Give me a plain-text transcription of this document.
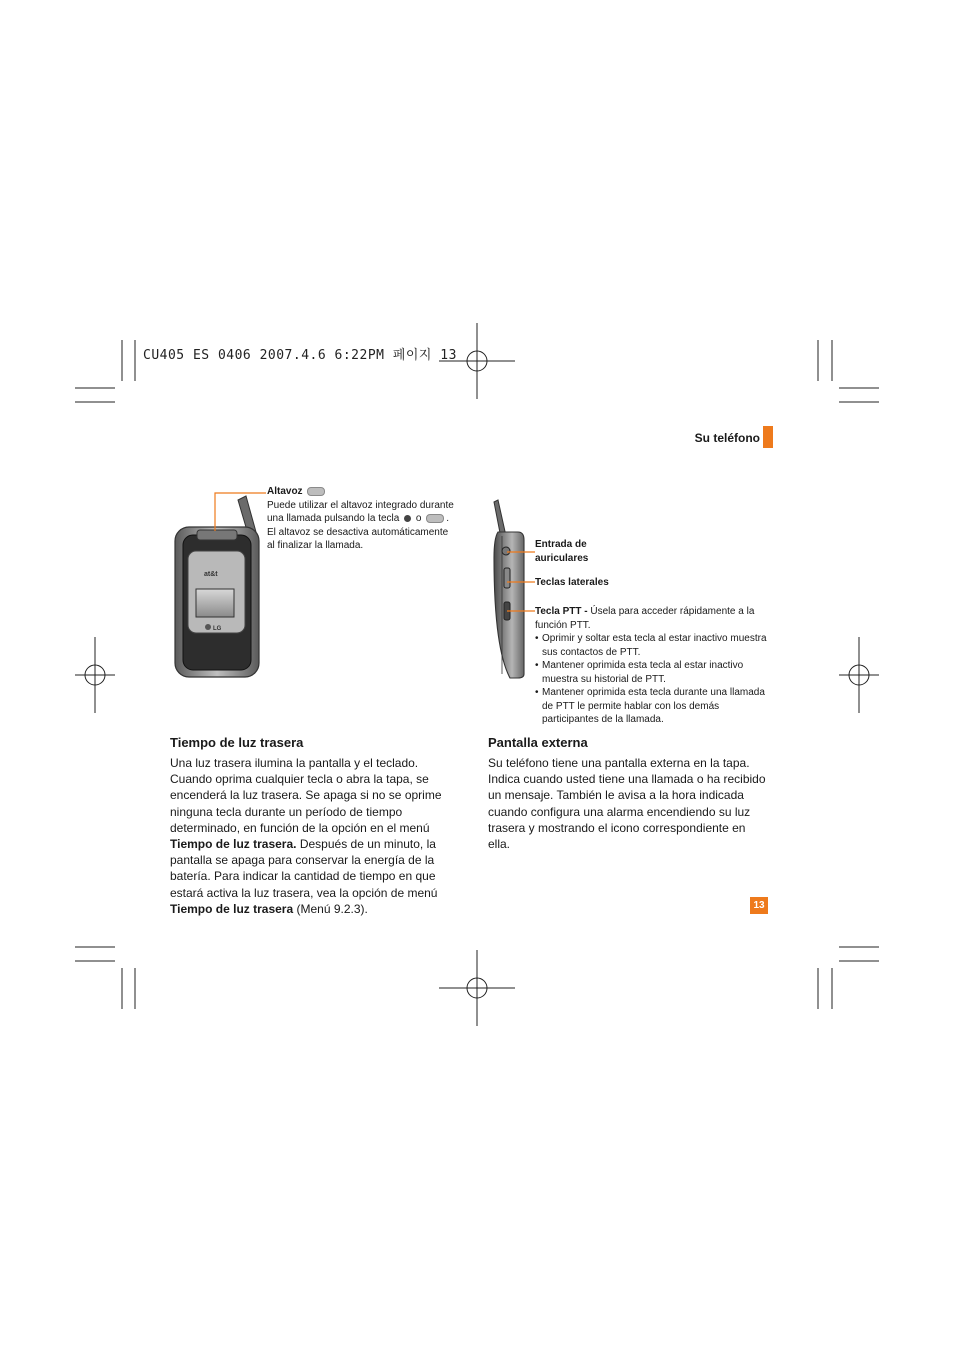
CU405 ES 0406 2007.4.6 6:22PM 페이지 13
Su teléfono
at&t
LG
Altavoz
Puede utilizar el altavoz integrado durante una llamada pulsando la tecla o . El altavoz se desactiva automáticamente al finalizar la llamada.	Entrada de auriculares
Teclas laterales
Tecla PTT - Úsela para acceder rápidamente a la función PTT.
• Oprimir y soltar esta tecla al estar inactivo muestra sus contactos de PTT.
• Mantener oprimida esta tecla al estar inactivo muestra su historial de PTT.
• Mantener oprimida esta tecla durante una llamada de PTT le permite hablar con los demás participantes de la llamada.
Tiempo de luz trasera
Una luz trasera ilumina la pantalla y el teclado. Cuando oprima cualquier tecla o abra la tapa, se encenderá la luz trasera. Se apaga si no se oprime ninguna tecla durante un período de tiempo determinado, en función de la opción en el menú Tiempo de luz trasera. Después de un minuto, la pantalla se apaga para conservar la energía de la batería. Para indicar la cantidad de tiempo en que estará activa la luz trasera, vea la opción de menú Tiempo de luz trasera (Menú 9.2.3).
Pantalla externa
Su teléfono tiene una pantalla externa en la tapa. Indica cuando usted tiene una llamada o ha recibido un mensaje. También le avisa a la hora indicada cuando configura una alarma encendiendo su luz trasera y mostrando el icono correspondiente en ella.
13
